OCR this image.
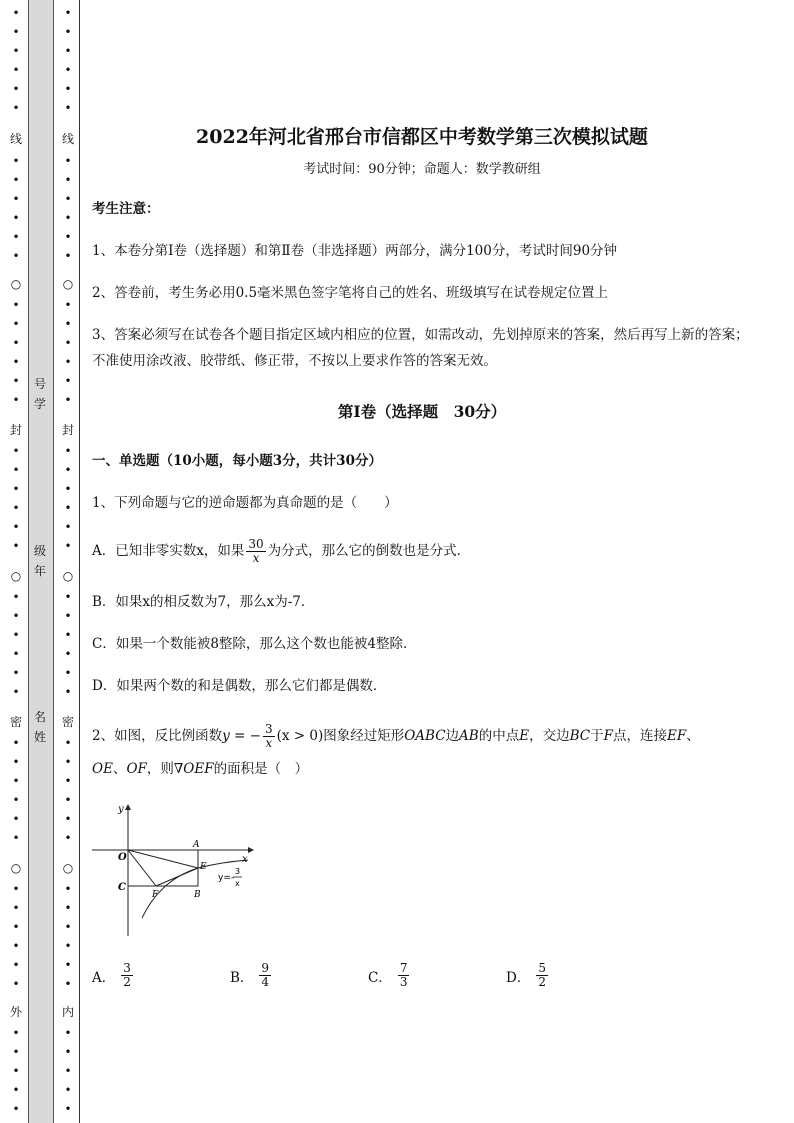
•
•
•
•
•
•
线
•
•
•
•
•
•
○
•
•
•
•
•
•
封
•
•
•
•
•
•
○
•
•
•
•
•
•
密
•
•
•
•
•
•
○
•
•
•
•
•
•
外
•
•
•
•
•
号
学
级
年
名
姓
•
•
•
•
•
•
线
•
•
•
•
•
•
○
•
•
•
•
•
•
封
•
•
•
•
•
•
○
•
•
•
•
•
•
密
•
•
•
•
•
•
○
•
•
•
•
•
•
内
•
•
•
•
•
2022年河北省邢台市信都区中考数学第三次模拟试题
考试时间：90分钟；命题人：数学教研组
考生注意：
1、本卷分第I卷（选择题）和第Ⅱ卷（非选择题）两部分，满分100分，考试时间90分钟
2、答卷前，考生务必用0.5毫米黑色签字笔将自己的姓名、班级填写在试卷规定位置上
3、答案必须写在试卷各个题目指定区域内相应的位置，如需改动，先划掉原来的答案，然后再写上新的答案；不准使用涂改液、胶带纸、修正带，不按以上要求作答的答案无效。
第Ⅰ卷（选择题　30分）
一、单选题（10小题，每小题3分，共计30分）
1、下列命题与它的逆命题都为真命题的是（　　）
A．已知非零实数x，如果 $\frac{30}{x}$ 为分式，那么它的倒数也是分式．
B．如果x的相反数为7，那么x为-7．
C．如果一个数能被8整除，那么这个数也能被4整除．
D．如果两个数的和是偶数，那么它们都是偶数．
2、如图，反比例函数y = − $\frac{3}{x} (x > 0)$图象经过矩形OABC边AB的中点E，交边BC于F点，连接EF、
OE、OF，则∇OEF的面积是（　）
y
x
O
A
E
C
F	B
y=-
3
x
A． $\frac{3}{2}$	B． $\frac{9}{4}$	C． $\frac{7}{3}$	D． $\frac{5}{2}$
